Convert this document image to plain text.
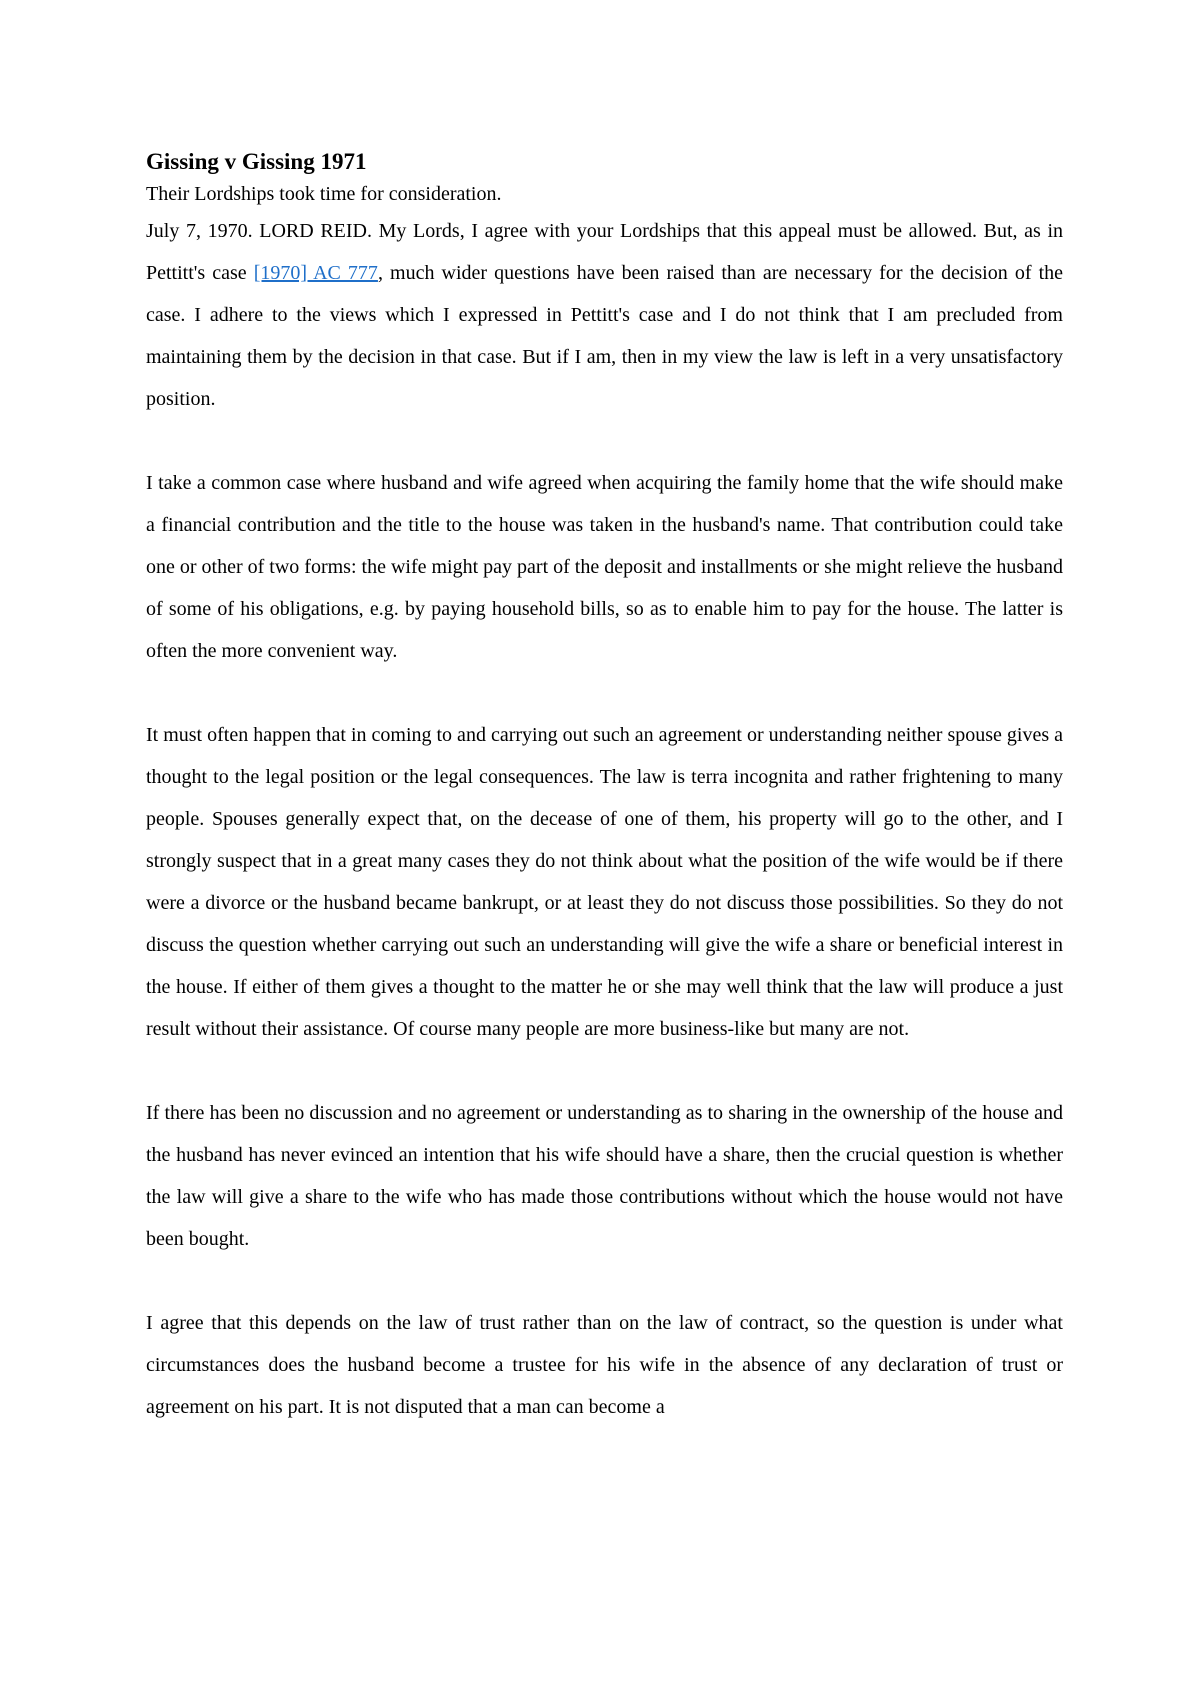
Gissing v Gissing 1971

Their Lordships took time for consideration.

July 7, 1970. LORD REID. My Lords, I agree with your Lordships that this appeal must be allowed. But, as in Pettitt's case [1970] AC 777, much wider questions have been raised than are necessary for the decision of the case. I adhere to the views which I expressed in Pettitt's case and I do not think that I am precluded from maintaining them by the decision in that case. But if I am, then in my view the law is left in a very unsatisfactory position.

I take a common case where husband and wife agreed when acquiring the family home that the wife should make a financial contribution and the title to the house was taken in the husband's name. That contribution could take one or other of two forms: the wife might pay part of the deposit and installments or she might relieve the husband of some of his obligations, e.g. by paying household bills, so as to enable him to pay for the house. The latter is often the more convenient way.

It must often happen that in coming to and carrying out such an agreement or understanding neither spouse gives a thought to the legal position or the legal consequences. The law is terra incognita and rather frightening to many people. Spouses generally expect that, on the decease of one of them, his property will go to the other, and I strongly suspect that in a great many cases they do not think about what the position of the wife would be if there were a divorce or the husband became bankrupt, or at least they do not discuss those possibilities. So they do not discuss the question whether carrying out such an understanding will give the wife a share or beneficial interest in the house. If either of them gives a thought to the matter he or she may well think that the law will produce a just result without their assistance. Of course many people are more business-like but many are not.

If there has been no discussion and no agreement or understanding as to sharing in the ownership of the house and the husband has never evinced an intention that his wife should have a share, then the crucial question is whether the law will give a share to the wife who has made those contributions without which the house would not have been bought.

I agree that this depends on the law of trust rather than on the law of contract, so the question is under what circumstances does the husband become a trustee for his wife in the absence of any declaration of trust or agreement on his part. It is not disputed that a man can become a
